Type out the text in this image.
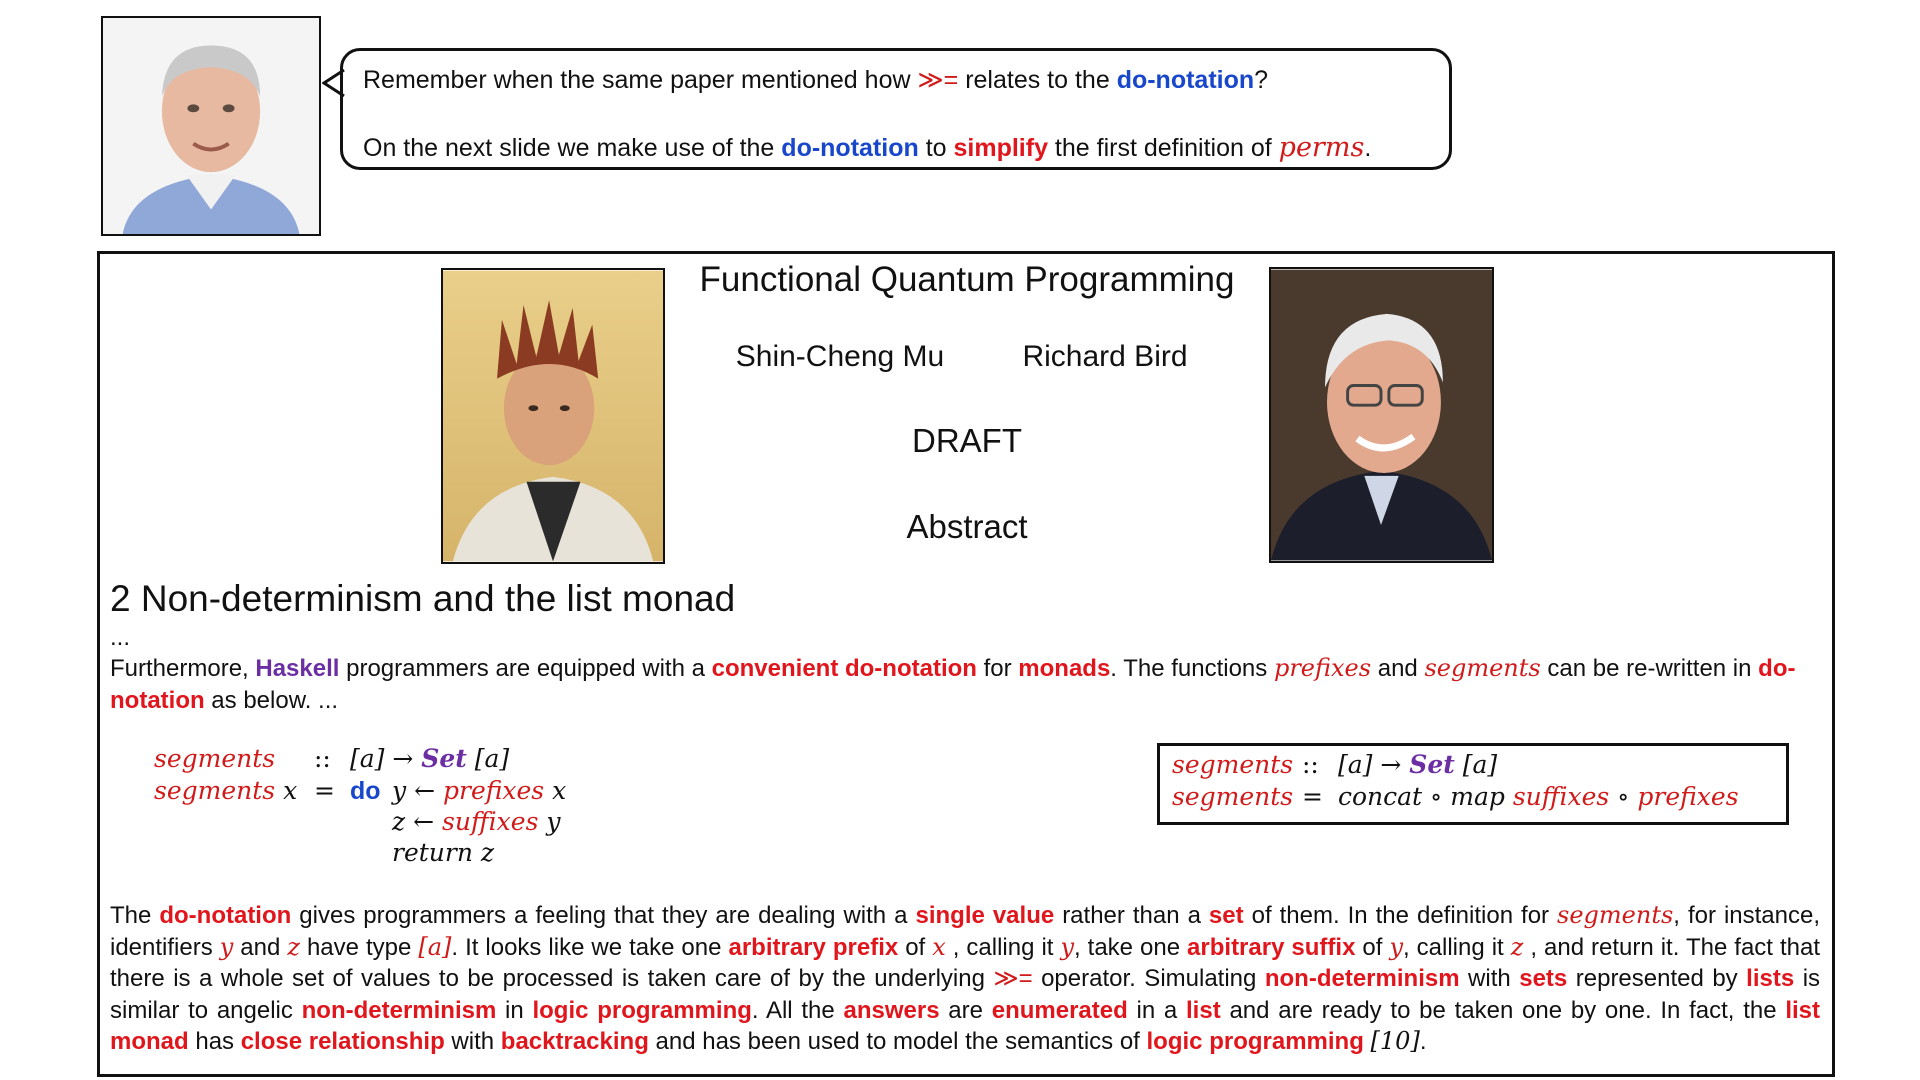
Remember when the same paper mentioned how ≫= relates to the do-notation?

On the next slide we make use of the do-notation to simplify the first definition of perms.

Functional Quantum Programming
Shin-Cheng Mu	Richard Bird
DRAFT
Abstract
2 Non-determinism and the list monad
...
Furthermore, Haskell programmers are equipped with a convenient do-notation for monads. The functions prefixes and segments can be re-written in do-notation as below. ...
segments :: [a] → Set [a]
segments x = do y ← prefixes x
z ← suffixes y
return z
segments :: [a] → Set [a]
segments = concat ∘ map suffixes ∘ prefixes
The do-notation gives programmers a feeling that they are dealing with a single value rather than a set of them. In the definition for segments, for instance, identifiers y and z have type [a]. It looks like we take one arbitrary prefix of x , calling it y, take one arbitrary suffix of y, calling it z , and return it. The fact that there is a whole set of values to be processed is taken care of by the underlying ≫= operator. Simulating non-determinism with sets represented by lists is similar to angelic non-determinism in logic programming. All the answers are enumerated in a list and are ready to be taken one by one. In fact, the list monad has close relationship with backtracking and has been used to model the semantics of logic programming [10].
